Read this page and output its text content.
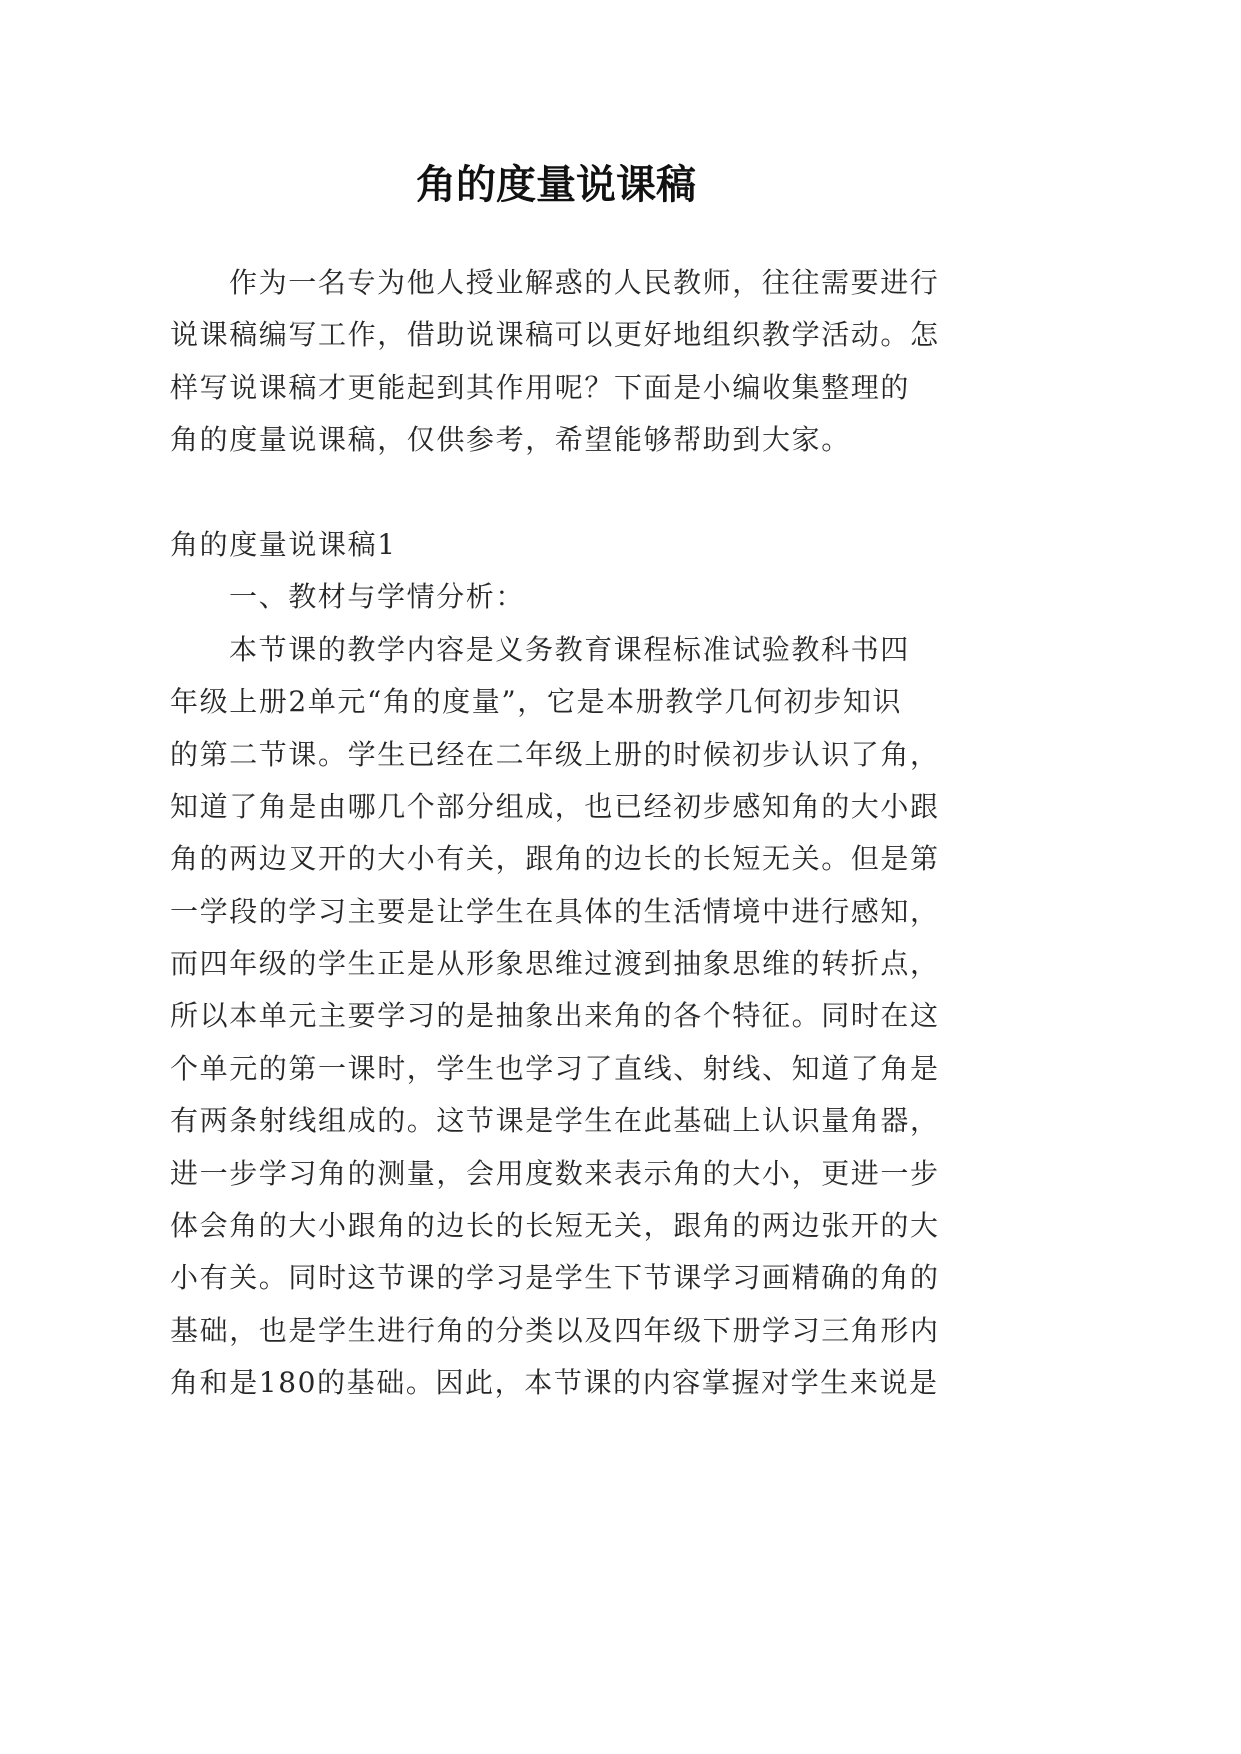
角的度量说课稿
作为一名专为他人授业解惑的人民教师，往往需要进行
说课稿编写工作，借助说课稿可以更好地组织教学活动。怎
样写说课稿才更能起到其作用呢？下面是小编收集整理的
角的度量说课稿，仅供参考，希望能够帮助到大家。
角的度量说课稿1
一、教材与学情分析：
本节课的教学内容是义务教育课程标准试验教科书四
年级上册2单元“角的度量”，它是本册教学几何初步知识
的第二节课。学生已经在二年级上册的时候初步认识了角，
知道了角是由哪几个部分组成，也已经初步感知角的大小跟
角的两边叉开的大小有关，跟角的边长的长短无关。但是第
一学段的学习主要是让学生在具体的生活情境中进行感知，
而四年级的学生正是从形象思维过渡到抽象思维的转折点，
所以本单元主要学习的是抽象出来角的各个特征。同时在这
个单元的第一课时，学生也学习了直线、射线、知道了角是
有两条射线组成的。这节课是学生在此基础上认识量角器，
进一步学习角的测量，会用度数来表示角的大小，更进一步
体会角的大小跟角的边长的长短无关，跟角的两边张开的大
小有关。同时这节课的学习是学生下节课学习画精确的角的
基础，也是学生进行角的分类以及四年级下册学习三角形内
角和是180的基础。因此，本节课的内容掌握对学生来说是
